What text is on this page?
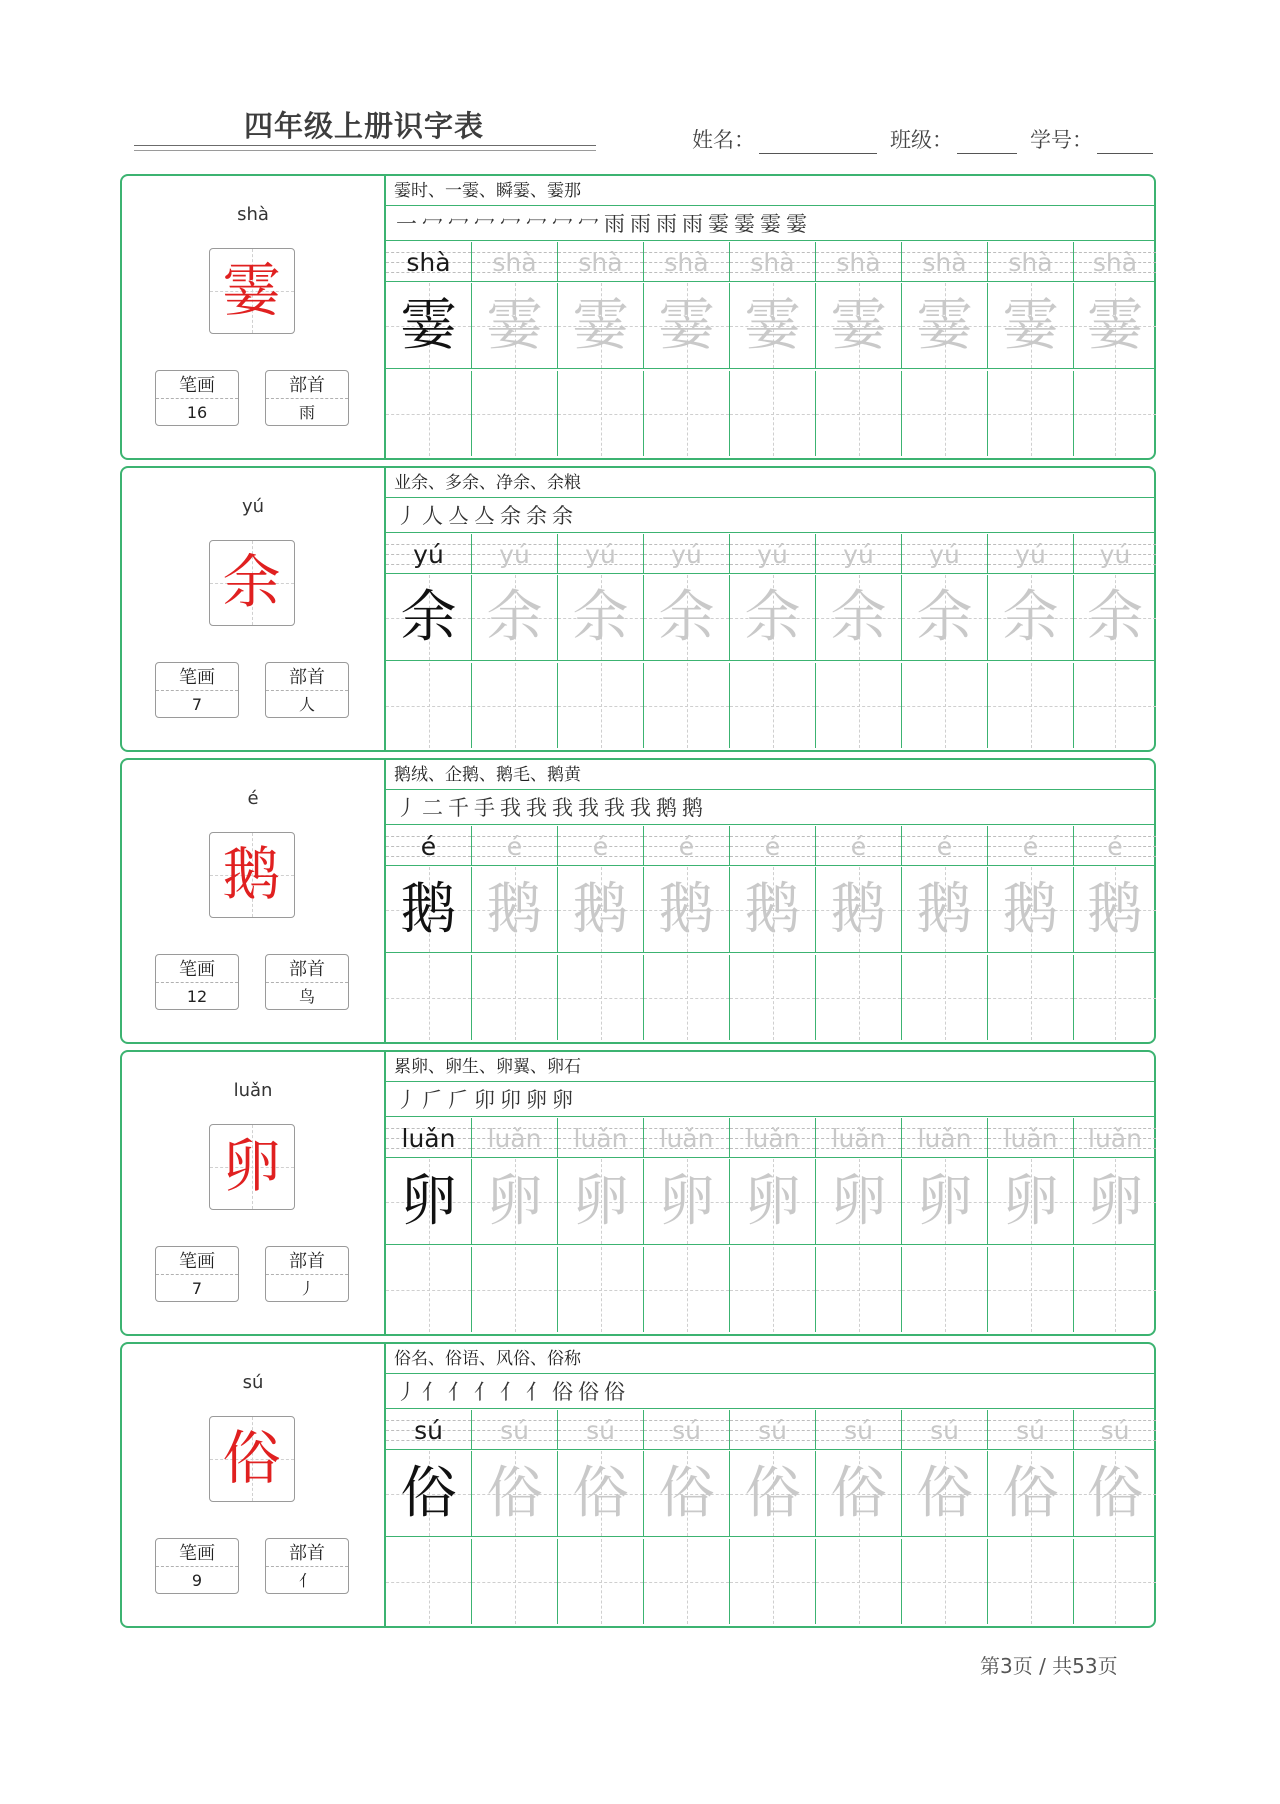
四年级上册识字表	姓名：	班级：	学号：
shà
霎
笔画
16
部首
雨
霎时、一霎、瞬霎、霎那
一冖冖冖冖冖冖冖雨雨雨雨霎霎霎霎
shà	shà	shà	shà	shà	shà	shà	shà	shà
霎 霎 霎 霎 霎 霎 霎 霎 霎
yú
余
笔画
7
部首
人
业余、多余、净余、余粮
丿人亼亼余余余
yú	yú	yú	yú	yú	yú	yú	yú	yú
余 余 余 余 余 余 余 余 余
é
鹅
笔画
12
部首
鸟
鹅绒、企鹅、鹅毛、鹅黄
丿二千手我我我我我我鹅鹅
é	é	é	é	é	é	é	é	é
鹅 鹅 鹅 鹅 鹅 鹅 鹅 鹅 鹅
luǎn
卵
笔画
7
部首
丿
累卵、卵生、卵翼、卵石
丿𠂆𠂆卯卯卵卵
luǎn	luǎn	luǎn	luǎn	luǎn	luǎn	luǎn	luǎn	luǎn
卵 卵 卵 卵 卵 卵 卵 卵 卵
sú
俗
笔画
9
部首
亻
俗名、俗语、风俗、俗称
丿亻亻亻亻亻俗俗俗
sú	sú	sú	sú	sú	sú	sú	sú	sú
俗 俗 俗 俗 俗 俗 俗 俗 俗
第3页 / 共53页
